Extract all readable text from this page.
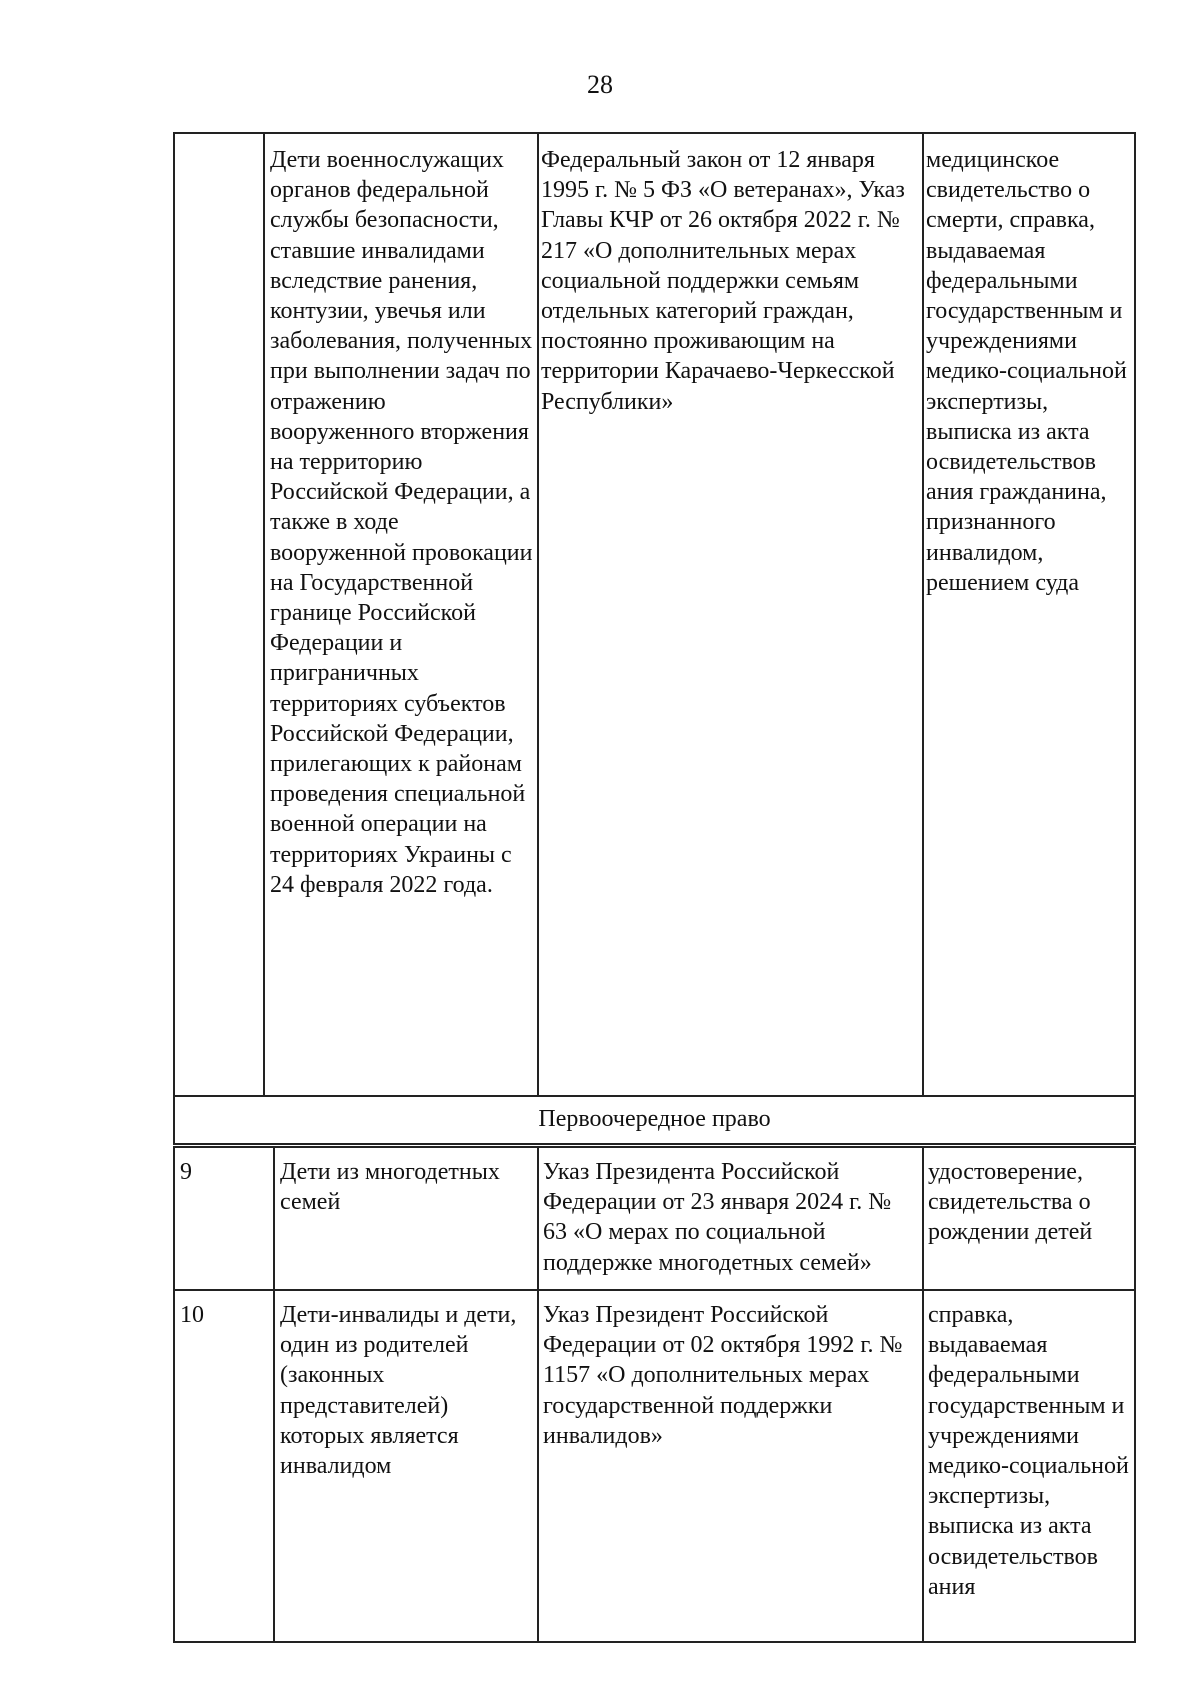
28
Дети военнослужащих органов федеральной службы безопасности, ставшие инвалидами вследствие ранения, контузии, увечья или заболевания, полученных при выполнении задач по отражению вооруженного вторжения на территорию Российской Федерации, а также в ходе вооруженной провокации на Государственной границе Российской Федерации и приграничных территориях субъектов Российской Федерации, прилегающих к районам проведения специальной военной операции на территориях Украины с 24 февраля 2022 года.
Федеральный закон от 12 января 1995 г. № 5 ФЗ «О ветеранах», Указ Главы КЧР от 26 октября 2022 г. № 217 «О дополнительных мерах социальной поддержки семьям отдельных категорий граждан, постоянно проживающим на территории Карачаево-Черкесской Республики»
медицинское свидетельство о смерти, справка, выдаваемая федеральными государственным и учреждениями медико-социальной экспертизы, выписка из акта освидетельствов ания гражданина, признанного инвалидом, решением суда
Первоочередное право
9	Дети из многодетных семей
Указ Президента Российской Федерации от 23 января 2024 г. № 63 «О мерах по социальной поддержке многодетных семей»
удостоверение, свидетельства о рождении детей
10	Дети-инвалиды и дети, один из родителей (законных представителей) которых является инвалидом
Указ Президент Российской Федерации от 02 октября 1992 г. № 1157 «О дополнительных мерах государственной поддержки инвалидов»
справка, выдаваемая федеральными государственным и учреждениями медико-социальной экспертизы, выписка из акта освидетельствов ания
